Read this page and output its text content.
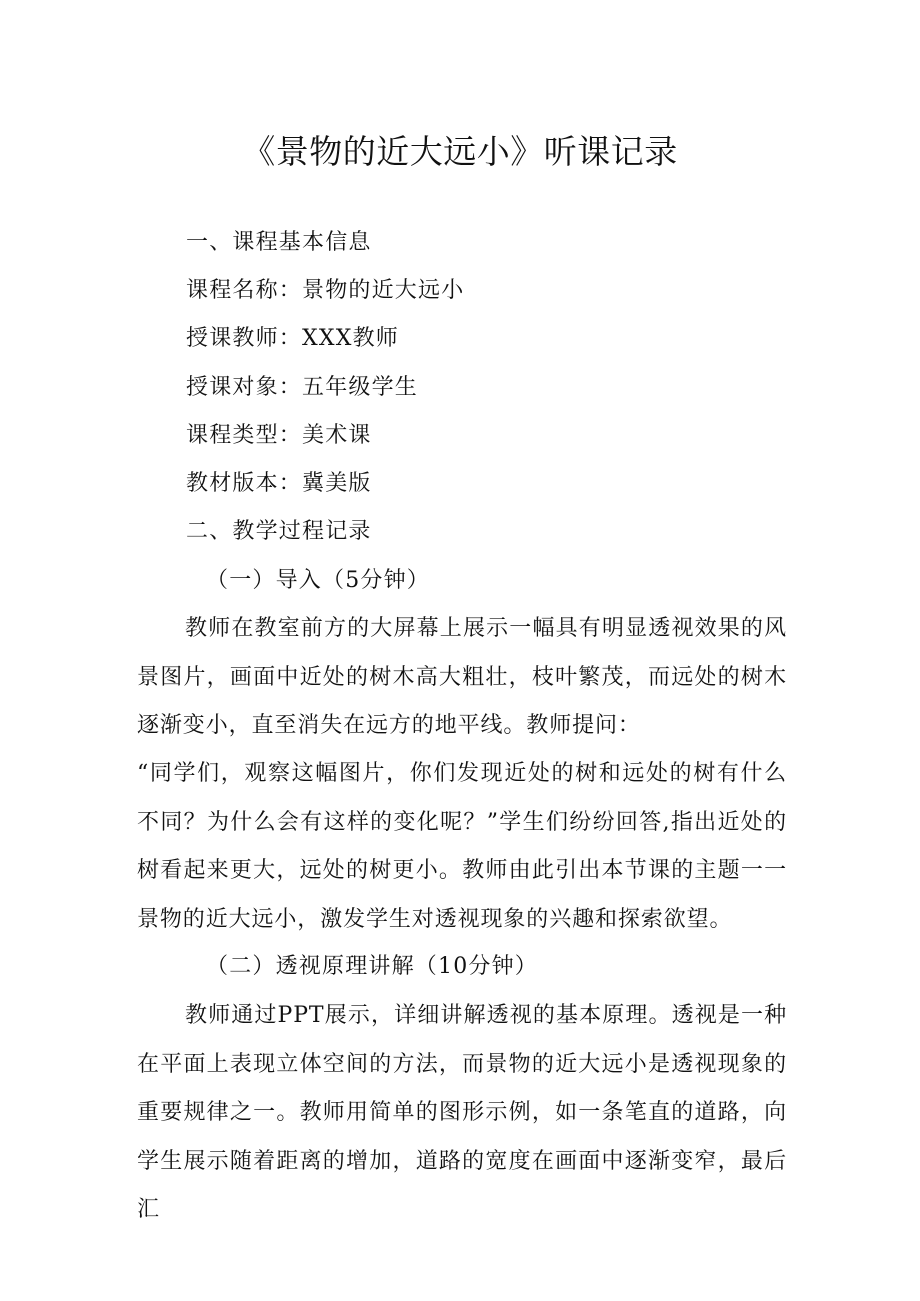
《景物的近大远小》听课记录

一、课程基本信息

课程名称：景物的近大远小

授课教师：XXX教师

授课对象：五年级学生

课程类型：美术课

教材版本：冀美版

二、教学过程记录

（一）导入（5分钟）

教师在教室前方的大屏幕上展示一幅具有明显透视效果的风景图片，画面中近处的树木高大粗壮，枝叶繁茂，而远处的树木逐渐变小，直至消失在远方的地平线。教师提问：

“同学们，观察这幅图片，你们发现近处的树和远处的树有什么不同？为什么会有这样的变化呢？”学生们纷纷回答,指出近处的树看起来更大，远处的树更小。教师由此引出本节课的主题一一景物的近大远小，激发学生对透视现象的兴趣和探索欲望。

（二）透视原理讲解（10分钟）

教师通过PPT展示，详细讲解透视的基本原理。透视是一种在平面上表现立体空间的方法，而景物的近大远小是透视现象的重要规律之一。教师用简单的图形示例，如一条笔直的道路，向学生展示随着距离的增加，道路的宽度在画面中逐渐变窄，最后汇
